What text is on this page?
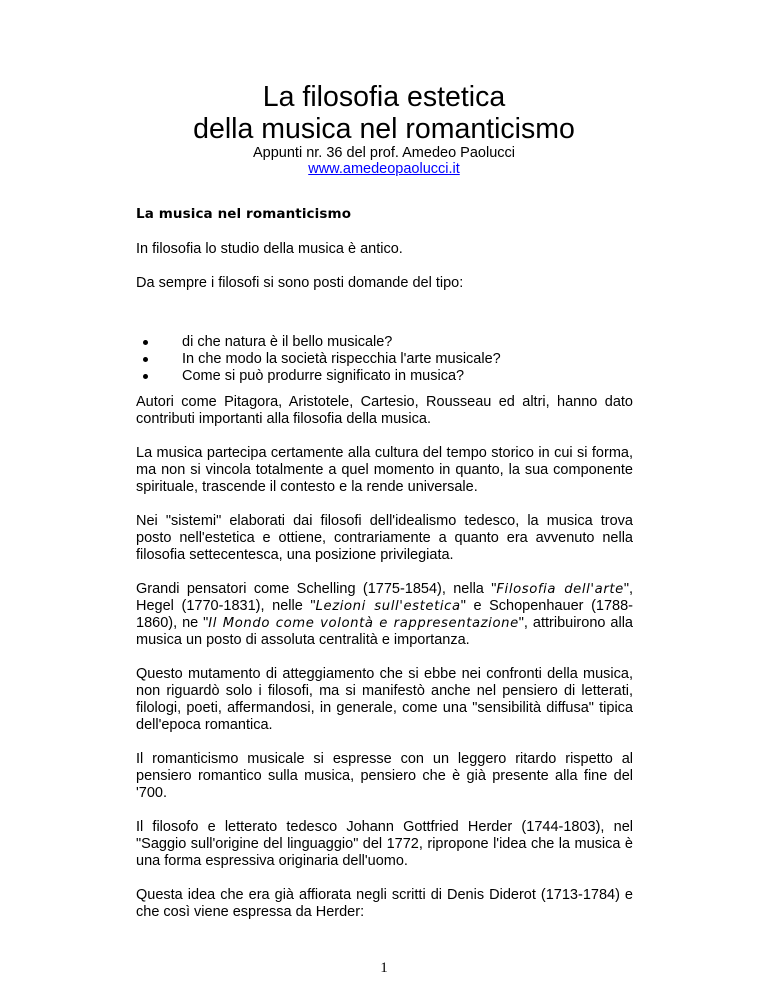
La filosofia estetica
della musica nel romanticismo
Appunti nr. 36 del prof. Amedeo Paolucci
www.amedeopaolucci.it
La musica nel romanticismo

In filosofia lo studio della musica è antico.

Da sempre i filosofi si sono posti domande del tipo:

di che natura è il bello musicale?
In che modo la società rispecchia l'arte musicale?
Come si può produrre significato in musica?

Autori come Pitagora, Aristotele, Cartesio, Rousseau ed altri, hanno dato contributi importanti alla filosofia della musica.

La musica partecipa certamente alla cultura del tempo storico in cui si forma, ma non si vincola totalmente a quel momento in quanto, la sua componente spirituale, trascende il contesto e la rende universale.

Nei "sistemi" elaborati dai filosofi dell'idealismo tedesco, la musica trova posto nell'estetica e ottiene, contrariamente a quanto era avvenuto nella filosofia settecentesca, una posizione privilegiata.

Grandi pensatori come Schelling (1775-1854), nella "Filosofia dell'arte", Hegel (1770-1831), nelle "Lezioni sull'estetica" e Schopenhauer (1788-1860), ne "Il Mondo come volontà e rappresentazione", attribuirono alla musica un posto di assoluta centralità e importanza.

Questo mutamento di atteggiamento che si ebbe nei confronti della musica, non riguardò solo i filosofi, ma si manifestò anche nel pensiero di letterati, filologi, poeti, affermandosi, in generale, come una "sensibilità diffusa" tipica dell'epoca romantica.

Il romanticismo musicale si espresse con un leggero ritardo rispetto al pensiero romantico sulla musica, pensiero che è già presente alla fine del '700.

Il filosofo e letterato tedesco Johann Gottfried Herder (1744-1803), nel "Saggio sull'origine del linguaggio" del 1772, ripropone l'idea che la musica è una forma espressiva originaria dell'uomo.

Questa idea che era già affiorata negli scritti di Denis Diderot (1713-1784) e che così viene espressa da Herder:

1
